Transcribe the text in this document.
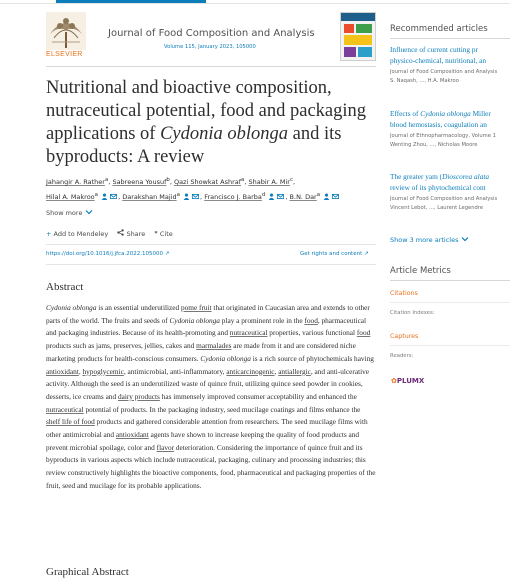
ELSEVIER
Journal of Food Composition and Analysis
Volume 115, January 2023, 105000
Nutritional and bioactive composition, nutraceutical potential, food and packaging applications of Cydonia oblonga and its byproducts: A review
Jahangir A. Rather$^a$, Sabreena Yousuf$^b$, Qazi Showkat Ashraf$^a$, Shabir A. Mir$^c$,
Hilal A. Makroo$^a$	, Darakshan Majid$^a$	, Francisco J. Barba$^d$	, B.N. Dar$^a$
Show more
+ Add to Mendeley	Share ❞ Cite
https://doi.org/10.1016/j.jfca.2022.105000 ↗	Get rights and content ↗
Abstract
Cydonia oblonga is an essential underutilized pome fruit that originated in Caucasian area and extends to other parts of the world. The fruits and seeds of Cydonia oblonga play a prominent role in the food, pharmaceutical and packaging industries. Because of its health-promoting and nutraceutical properties, various functional food products such as jams, preserves, jellies, cakes and marmalades are made from it and are considered niche marketing products for health-conscious consumers. Cydonia oblonga is a rich source of phytochemicals having antioxidant, hypoglycemic, antimicrobial, anti-inflammatory, anticarcinogenic, antiallergic, and anti-ulcerative activity. Although the seed is an underutilized waste of quince fruit, utilizing quince seed powder in cookies, desserts, ice creams and dairy products has immensely improved consumer acceptability and enhanced the nutraceutical potential of products. In the packaging industry, seed mucilage coatings and films enhance the shelf life of food products and gathered considerable attention from researchers. The seed mucilage films with other antimicrobial and antioxidant agents have shown to increase keeping the quality of food products and prevent microbial spoilage, color and flavor deterioration. Considering the importance of quince fruit and its byproducts in various aspects which include nutraceutical, packaging, culinary and processing industries; this review constructively highlights the bioactive components, food, pharmaceutical and packaging properties of the fruit, seed and mucilage for its probable applications.
Graphical Abstract
Recommended articles
Influence of current cutting pr
physico-chemical, nutritional, an
Journal of Food Composition and Analysis
S. Naqash, ..., H.A. Makroo
Effects of Cydonia oblonga Miller
blood hemostasis, coagulation an
Journal of Ethnopharmacology, Volume 1
Wenting Zhou, ..., Nicholas Moore
The greater yam (Dioscorea alata
review of its phytochemical cont
Journal of Food Composition and Analysis
Vincent Lebot, ..., Laurent Legendre
Show 3 more articles
Article Metrics
Citations
Citation Indexes:
Captures
Readers:
✿PLUMX
